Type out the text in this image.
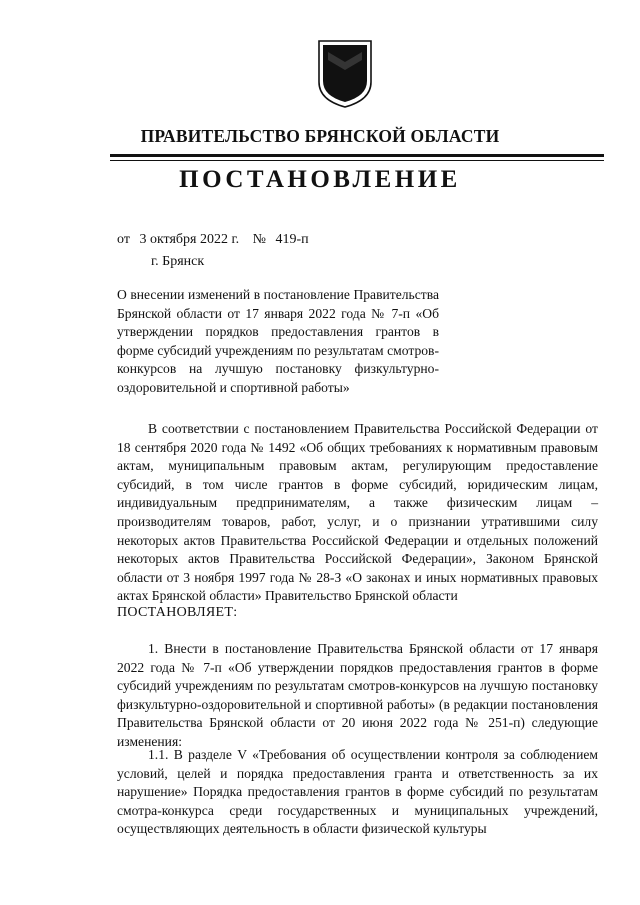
ПРАВИТЕЛЬСТВО БРЯНСКОЙ ОБЛАСТИ
ПОСТАНОВЛЕНИЕ
от 3 октября 2022 г. № 419-п
г. Брянск
О внесении изменений в постановление Правительства Брянской области от 17 января 2022 года № 7-п «Об утверждении порядков предоставления грантов в форме субсидий учреждениям по результатам смотров-конкурсов на лучшую постановку физкультурно-оздоровительной и спортивной работы»

В соответствии с постановлением Правительства Российской Федерации от 18 сентября 2020 года № 1492 «Об общих требованиях к нормативным правовым актам, муниципальным правовым актам, регулирующим предоставление субсидий, в том числе грантов в форме субсидий, юридическим лицам, индивидуальным предпринимателям, а также физическим лицам – производителям товаров, работ, услуг, и о признании утратившими силу некоторых актов Правительства Российской Федерации и отдельных положений некоторых актов Правительства Российской Федерации», Законом Брянской области от 3 ноября 1997 года № 28-З «О законах и иных нормативных правовых актах Брянской области» Правительство Брянской области

ПОСТАНОВЛЯЕТ:

1. Внести в постановление Правительства Брянской области от 17 января 2022 года № 7-п «Об утверждении порядков предоставления грантов в форме субсидий учреждениям по результатам смотров-конкурсов на лучшую постановку физкультурно-оздоровительной и спортивной работы» (в редакции постановления Правительства Брянской области от 20 июня 2022 года № 251-п) следующие изменения:

1.1. В разделе V «Требования об осуществлении контроля за соблюдением условий, целей и порядка предоставления гранта и ответственность за их нарушение» Порядка предоставления грантов в форме субсидий по результатам смотра-конкурса среди государственных и муниципальных учреждений, осуществляющих деятельность в области физической культуры
